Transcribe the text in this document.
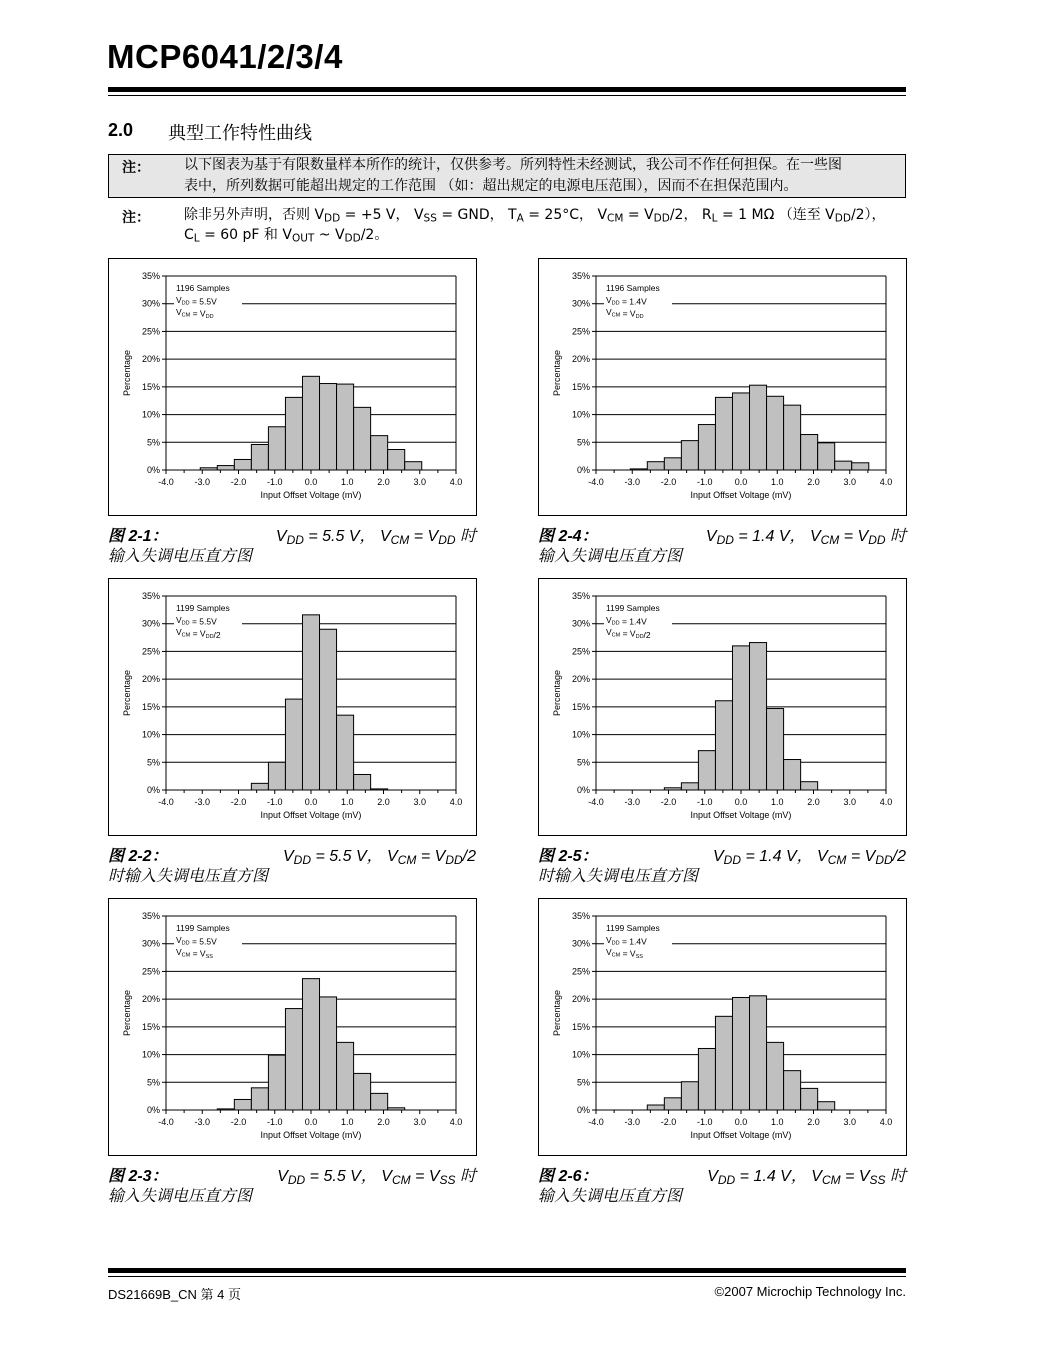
MCP6041/2/3/4
2.0 典型工作特性曲线
注： 以下图表为基于有限数量样本所作的统计，仅供参考。所列特性未经测试，我公司不作任何担保。在一些图
表中，所列数据可能超出规定的工作范围 （如：超出规定的电源电压范围），因而不在担保范围内。
注： 除非另外声明，否则 $V_{DD} = +5$ V， $V_{SS}$ = GND， $T_A = 25^\circ C$， $V_{CM} = V_{DD}/2$， $R_L = 1$ MΩ （连至 $V_{DD}/2$），
$C_L = 60$ pF 和 $V_{OUT}$ ~ $V_{DD}/2$。
0%
5%
10%
15%
20%
25%
30%
35%
-4.0 -3.0 -2.0 -1.0 0.0	1.0	2.0	3.0	4.0
Input Offset Voltage (mV)
Percentage
1196 Samples
VDD = 5.5V
VCM = VDD
0%
5%
10%
15%
20%
25%
30%
35%
-4.0 -3.0 -2.0 -1.0 0.0	1.0	2.0	3.0	4.0
Input Offset Voltage (mV)
Percentage
1196 Samples
VDD = 1.4V
VCM = VDD
0%
5%
10%
15%
20%
25%
30%
35%
-4.0 -3.0 -2.0 -1.0 0.0	1.0	2.0	3.0	4.0
Input Offset Voltage (mV)
Percentage
1199 Samples
VDD = 5.5V
VCM = VDD/2
0%
5%
10%
15%
20%
25%
30%
35%
-4.0 -3.0 -2.0 -1.0 0.0	1.0	2.0	3.0	4.0
Input Offset Voltage (mV)
Percentage
1199 Samples
VDD = 1.4V
VCM = VDD/2
0%
5%
10%
15%
20%
25%
30%
35%
-4.0 -3.0 -2.0 -1.0 0.0	1.0	2.0	3.0	4.0
Input Offset Voltage (mV)
Percentage
1199 Samples
VDD = 5.5V
VCM = VSS
0%
5%
10%
15%
20%
25%
30%
35%
-4.0 -3.0 -2.0 -1.0 0.0	1.0	2.0	3.0	4.0
Input Offset Voltage (mV)
Percentage
1199 Samples
VDD = 1.4V
VCM = VSS
DS21669B_CN 第 4 页	©2007 Microchip Technology Inc.
图 2-1：	$V_{DD} = 5.5$ V， $V_{CM} = V_{DD}$ 时
输入失调电压直方图
图 2-4：	$V_{DD} = 1.4$ V， $V_{CM} = V_{DD}$ 时
输入失调电压直方图
图 2-2：	$V_{DD} = 5.5$ V， $V_{CM} = V_{DD}/2$
时输入失调电压直方图
图 2-5：	$V_{DD} = 1.4$ V， $V_{CM} = V_{DD}/2$
时输入失调电压直方图
图 2-3：	$V_{DD} = 5.5$ V， $V_{CM} = V_{SS}$ 时
输入失调电压直方图
图 2-6：	$V_{DD} = 1.4$ V， $V_{CM} = V_{SS}$ 时
输入失调电压直方图
